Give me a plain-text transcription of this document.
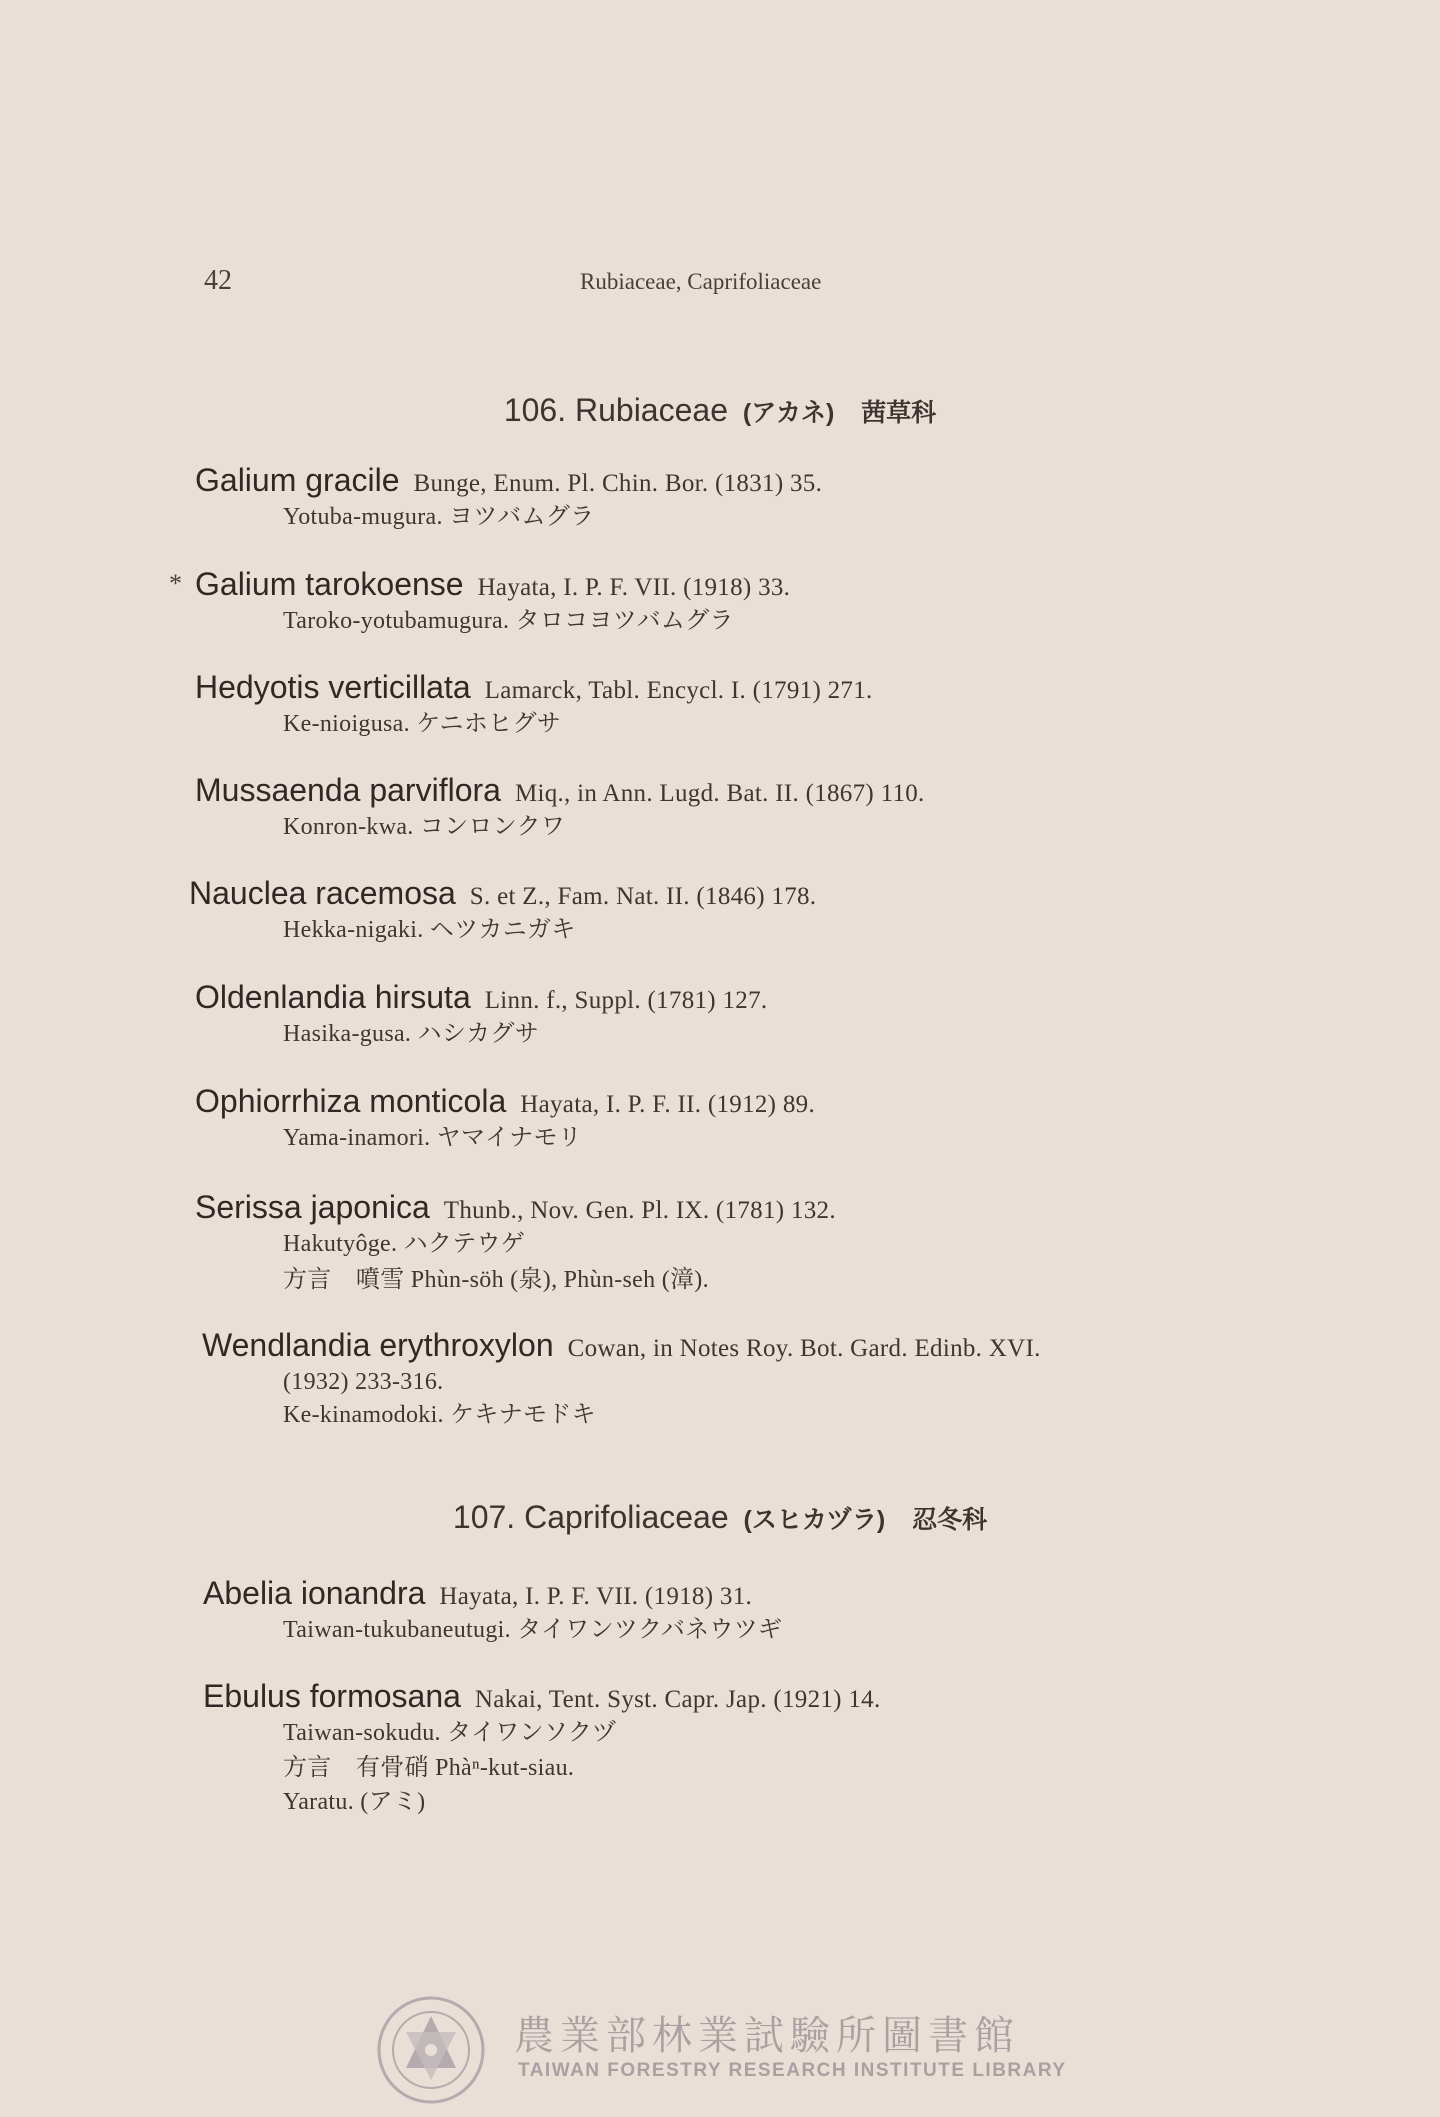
42	Rubiaceae, Caprifoliaceae
106. Rubiaceae (アカネ) 茜草科
Galium gracile Bunge, Enum. Pl. Chin. Bor. (1831) 35.
Yotuba-mugura. ヨツバムグラ
* Galium tarokoense Hayata, I. P. F. VII. (1918) 33.
Taroko-yotubamugura. タロコヨツバムグラ
Hedyotis verticillata Lamarck, Tabl. Encycl. I. (1791) 271.
Ke-nioigusa. ケニホヒグサ
Mussaenda parviflora Miq., in Ann. Lugd. Bat. II. (1867) 110.
Konron-kwa. コンロンクワ
Nauclea racemosa S. et Z., Fam. Nat. II. (1846) 178.
Hekka-nigaki. ヘツカニガキ
Oldenlandia hirsuta Linn. f., Suppl. (1781) 127.
Hasika-gusa. ハシカグサ
Ophiorrhiza monticola Hayata, I. P. F. II. (1912) 89.
Yama-inamori. ヤマイナモリ
Serissa japonica Thunb., Nov. Gen. Pl. IX. (1781) 132.
Hakutyôge. ハクテウゲ
方言　噴雪 Phùn-söh (泉), Phùn-seh (漳).
Wendlandia erythroxylon Cowan, in Notes Roy. Bot. Gard. Edinb. XVI.
(1932) 233-316.
Ke-kinamodoki. ケキナモドキ
107. Caprifoliaceae (スヒカヅラ) 忍冬科
Abelia ionandra Hayata, I. P. F. VII. (1918) 31.
Taiwan-tukubaneutugi. タイワンツクバネウツギ
Ebulus formosana Nakai, Tent. Syst. Capr. Jap. (1921) 14.
Taiwan-sokudu. タイワンソクヅ
方言　有骨硝 Phàⁿ-kut-siau.
Yaratu. (アミ)
農業部林業試驗所圖書館
TAIWAN FORESTRY RESEARCH INSTITUTE LIBRARY
